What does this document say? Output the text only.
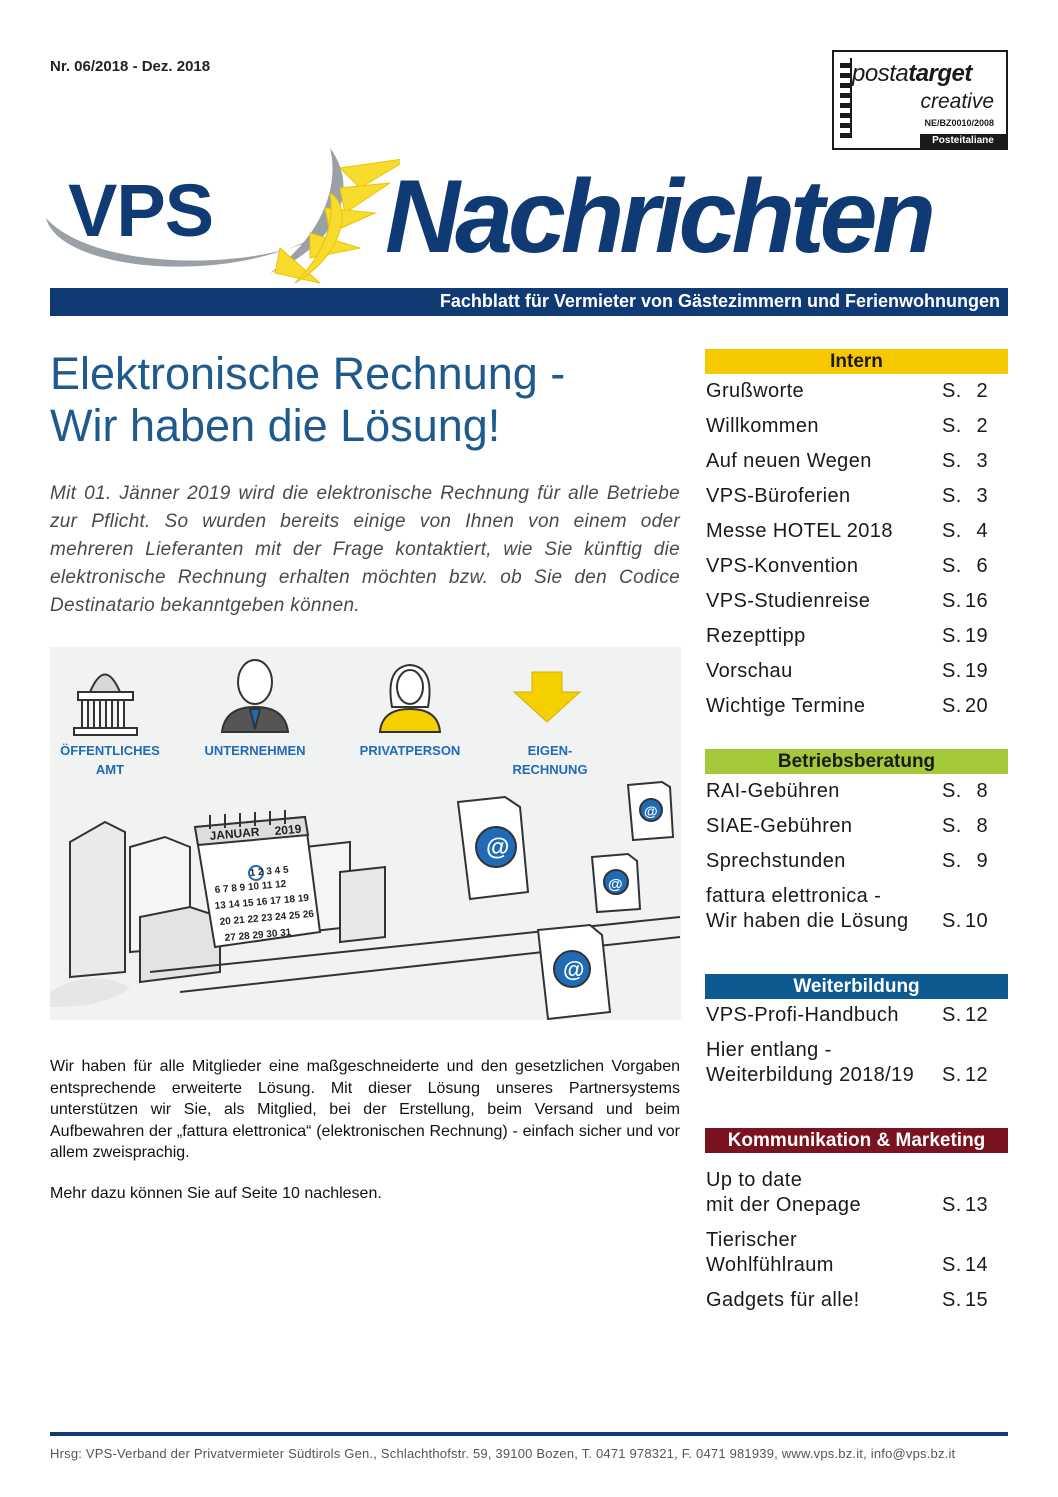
Nr. 06/2018 - Dez. 2018	postatarget
creative
NE/BZ0010/2008
Posteitaliane
VPS Nachrichten
Fachblatt für Vermieter von Gästezimmern und Ferienwohnungen
Elektronische Rechnung -
Wir haben die Lösung!
Mit 01. Jänner 2019 wird die elektronische Rechnung für alle Betriebe zur Pflicht. So wurden bereits einige von Ihnen von einem oder mehreren Lieferanten mit der Frage kontaktiert, wie Sie künftig die elektronische Rechnung erhalten möchten bzw. ob Sie den Codice Destinatario bekanntgeben können.
JANUAR 2019
1 2 3 4 5
6 7 8 9 10 11 12
13 14 15 16 17 18 19
20 21 22 23 24 25 26
27 28 29 30 31
@
@
@
@
ÖFFENTLICHES
AMT
UNTERNEHMEN	PRIVATPERSON	EIGEN-
RECHNUNG
Wir haben für alle Mitglieder eine maßgeschneiderte und den gesetzlichen Vorgaben entsprechende erweiterte Lösung. Mit dieser Lösung unseres Partnersystems unterstützen wir Sie, als Mitglied, bei der Erstellung, beim Versand und beim Aufbewahren der „fattura elettronica“ (elektronischen Rechnung) - einfach sicher und vor allem zweisprachig.
Mehr dazu können Sie auf Seite 10 nachlesen.
Intern
Grußworte	S. 2
Willkommen	S. 2
Auf neuen Wegen	S. 3
VPS-Büroferien	S. 3
Messe HOTEL 2018 S. 4
VPS-Konvention	S. 6
VPS-Studienreise	S. 16
Rezepttipp	S. 19
Vorschau	S. 19
Wichtige Termine	S. 20
Betriebsberatung
RAI-Gebühren	S. 8
SIAE-Gebühren	S. 8
Sprechstunden	S. 9
fattura elettronica -
Wir haben die Lösung S. 10
Weiterbildung
VPS-Profi-Handbuch S. 12
Hier entlang -
Weiterbildung 2018/19 S. 12
Kommunikation & Marketing
Up to date
mit der Onepage	S. 13
Tierischer
Wohlfühlraum	S. 14
Gadgets für alle!	S. 15
Hrsg: VPS-Verband der Privatvermieter Südtirols Gen., Schlachthofstr. 59, 39100 Bozen, T. 0471 978321, F. 0471 981939, www.vps.bz.it, info@vps.bz.it
